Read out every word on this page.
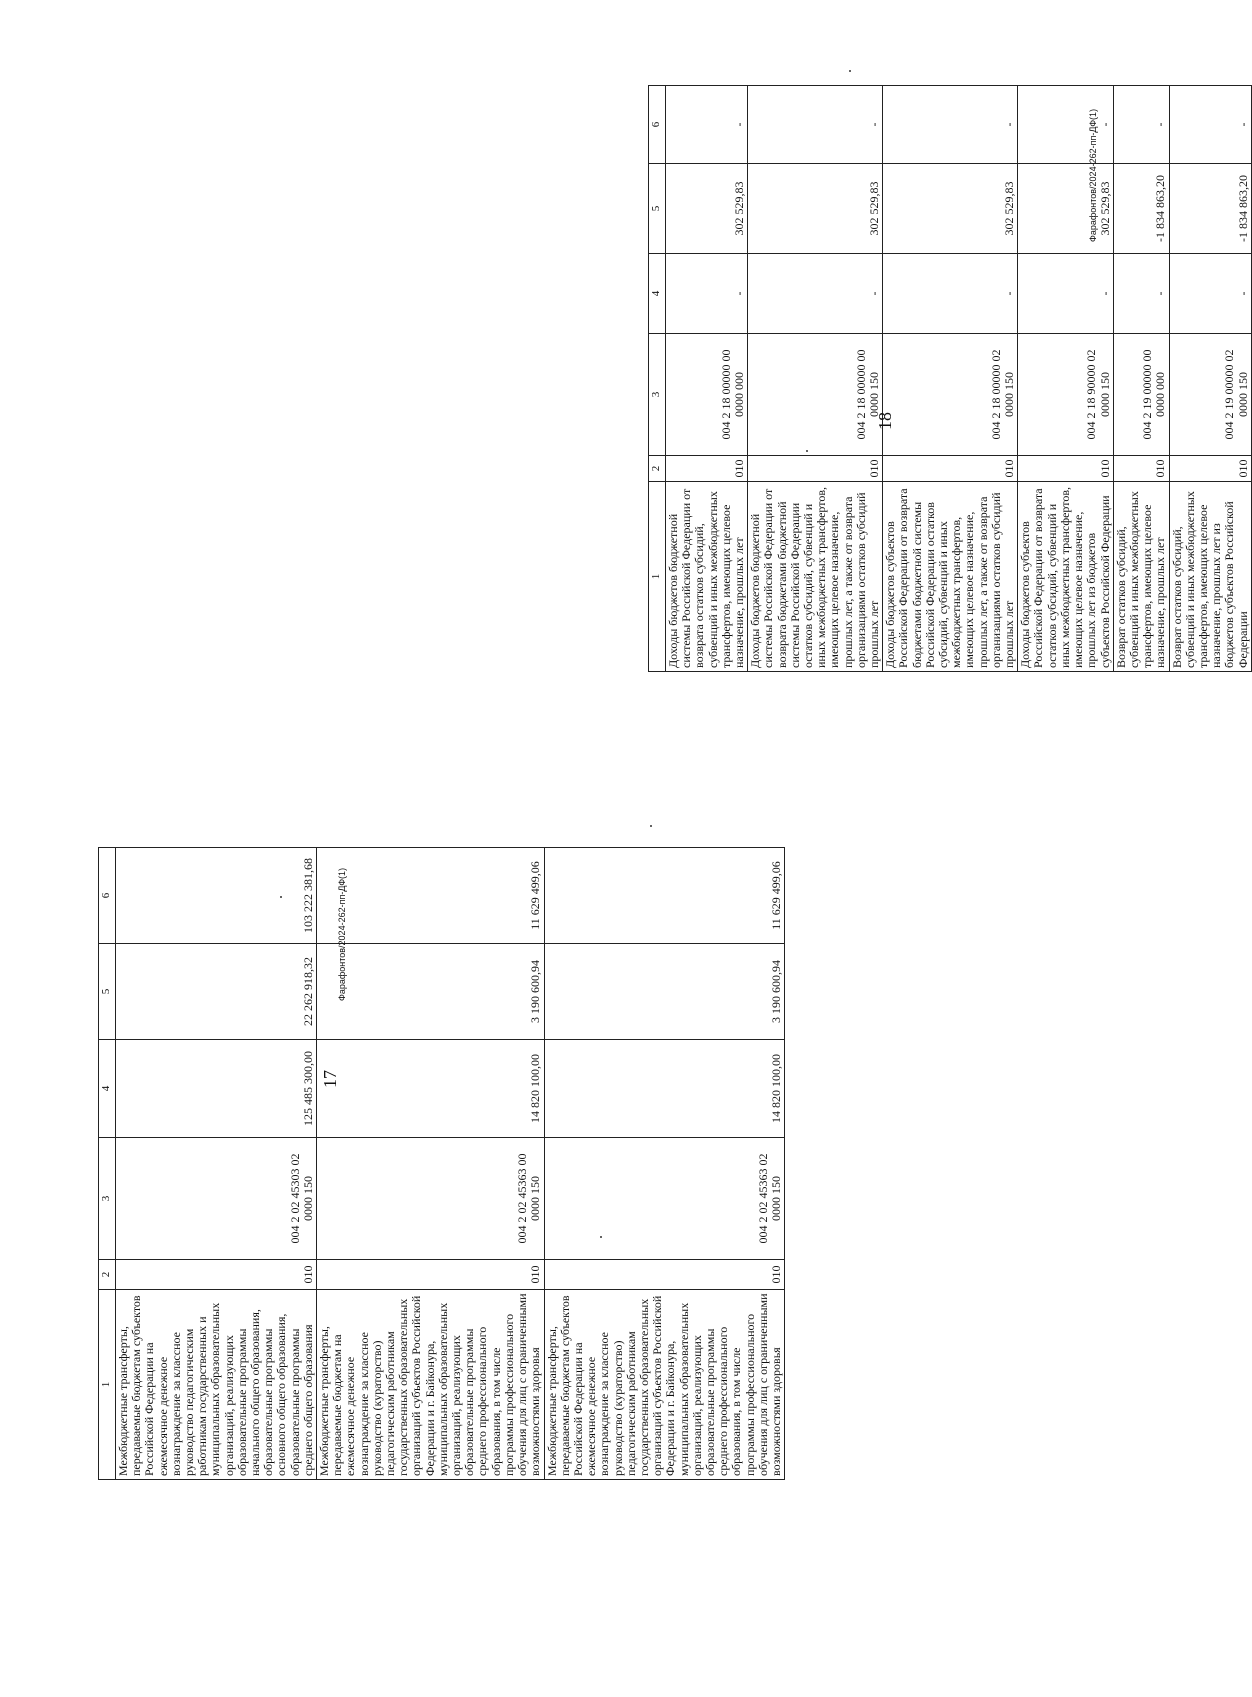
1	2	3	4	5	6
Межбюджетные трансферты, передаваемые бюджетам субъектов Российской Федерации на ежемесячное денежное вознаграждение за классное руководство педагогическим работникам государственных и муниципальных образовательных организаций, реализующих образовательные программы начального общего образования, образовательные программы основного общего образования, образовательные программы среднего общего образования	010	004 2 02 45303 02 0000 150	125 485 300,00	22 262 918,32	103 222 381,68
Межбюджетные трансферты, передаваемые бюджетам на ежемесячное денежное вознаграждение за классное руководство (кураторство) педагогическим работникам государственных образовательных организаций субъектов Российской Федерации и г. Байконура, муниципальных образовательных организаций, реализующих образовательные программы среднего профессионального образования, в том числе программы профессионального обучения для лиц с ограниченными возможностями здоровья	010	004 2 02 45363 00 0000 150	14 820 100,00	3 190 600,94	11 629 499,06
Межбюджетные трансферты, передаваемые бюджетам субъектов Российской Федерации на ежемесячное денежное вознаграждение за классное руководство (кураторство) педагогическим работникам государственных образовательных организаций субъектов Российской Федерации и г. Байконура, муниципальных образовательных организаций, реализующих образовательные программы среднего профессионального образования, в том числе программы профессионального обучения для лиц с ограниченными возможностями здоровья	010	004 2 02 45363 02 0000 150	14 820 100,00	3 190 600,94	11 629 499,06
1	2	3	4	5	6
Доходы бюджетов бюджетной системы Российской Федерации от возврата остатков субсидий, субвенций и иных межбюджетных трансфертов, имеющих целевое назначение, прошлых лет	010	004 2 18 00000 00 0000 000	-	302 529,83	-
Доходы бюджетов бюджетной системы Российской Федерации от возврата бюджетами бюджетной системы Российской Федерации остатков субсидий, субвенций и иных межбюджетных трансфертов, имеющих целевое назначение, прошлых лет, а также от возврата организациями остатков субсидий прошлых лет	010	004 2 18 00000 00 0000 150	-	302 529,83	-
Доходы бюджетов субъектов Российской Федерации от возврата бюджетами бюджетной системы Российской Федерации остатков субсидий, субвенций и иных межбюджетных трансфертов, имеющих целевое назначение, прошлых лет, а также от возврата организациями остатков субсидий прошлых лет	010	004 2 18 00000 02 0000 150	-	302 529,83	-
Доходы бюджетов субъектов Российской Федерации от возврата остатков субсидий, субвенций и иных межбюджетных трансфертов, имеющих целевое назначение, прошлых лет из бюджетов субъектов Российской Федерации	010	004 2 18 90000 02 0000 150	-	302 529,83	-
Возврат остатков субсидий, субвенций и иных межбюджетных трансфертов, имеющих целевое назначение, прошлых лет	010	004 2 19 00000 00 0000 000	-	-1 834 863,20	-
Возврат остатков субсидий, субвенций и иных межбюджетных трансфертов, имеющих целевое назначение, прошлых лет из бюджетов субъектов Российской Федерации	010	004 2 19 00000 02 0000 150	-	-1 834 863,20	-
17
18
Фарафонтов/2024-262-пп-ДФ(1)
Фарафонтов/2024-262-пп-ДФ(1)
